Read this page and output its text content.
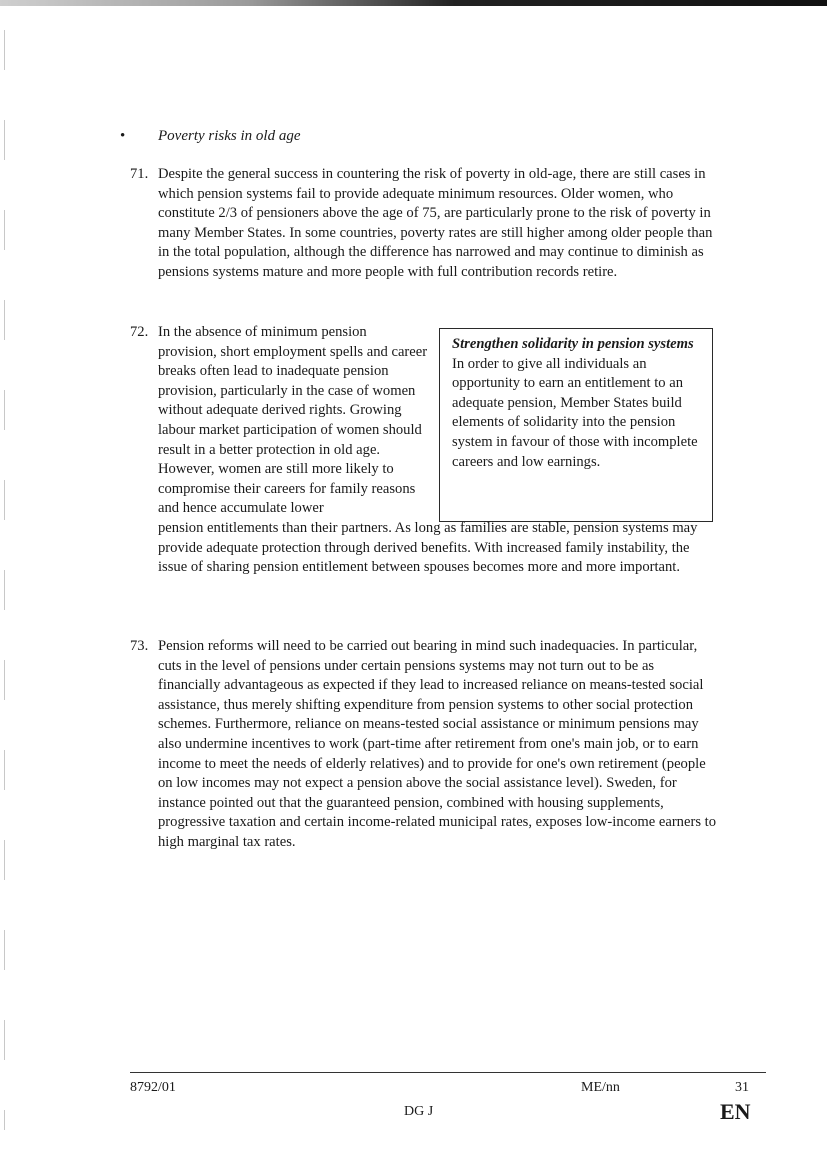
• Poverty risks in old age
71. Despite the general success in countering the risk of poverty in old-age, there are still cases in which pension systems fail to provide adequate minimum resources. Older women, who constitute 2/3 of pensioners above the age of 75, are particularly prone to the risk of poverty in many Member States. In some countries, poverty rates are still higher among older people than in the total population, although the difference has narrowed and may continue to diminish as pensions systems mature and more people with full contribution records retire.
72. In the absence of minimum pension provision, short employment spells and career breaks often lead to inadequate pension provision, particularly in the case of women without adequate derived rights. Growing labour market participation of women should result in a better protection in old age. However, women are still more likely to compromise their careers for family reasons and hence accumulate lower
pension entitlements than their partners. As long as families are stable, pension systems may provide adequate protection through derived benefits. With increased family instability, the issue of sharing pension entitlement between spouses becomes more and more important.
Strengthen solidarity in pension systems
In order to give all individuals an opportunity to earn an entitlement to an adequate pension, Member States build elements of solidarity into the pension system in favour of those with incomplete careers and low earnings.
73. Pension reforms will need to be carried out bearing in mind such inadequacies. In particular, cuts in the level of pensions under certain pensions systems may not turn out to be as financially advantageous as expected if they lead to increased reliance on means-tested social assistance, thus merely shifting expenditure from pension systems to other social protection schemes. Furthermore, reliance on means-tested social assistance or minimum pensions may also undermine incentives to work (part-time after retirement from one's main job, or to earn income to meet the needs of elderly relatives) and to provide for one's own retirement (people on low incomes may not expect a pension above the social assistance level). Sweden, for instance pointed out that the guaranteed pension, combined with housing supplements, progressive taxation and certain income-related municipal rates, exposes low-income earners to high marginal tax rates.
8792/01	ME/nn	31
DG J	EN
